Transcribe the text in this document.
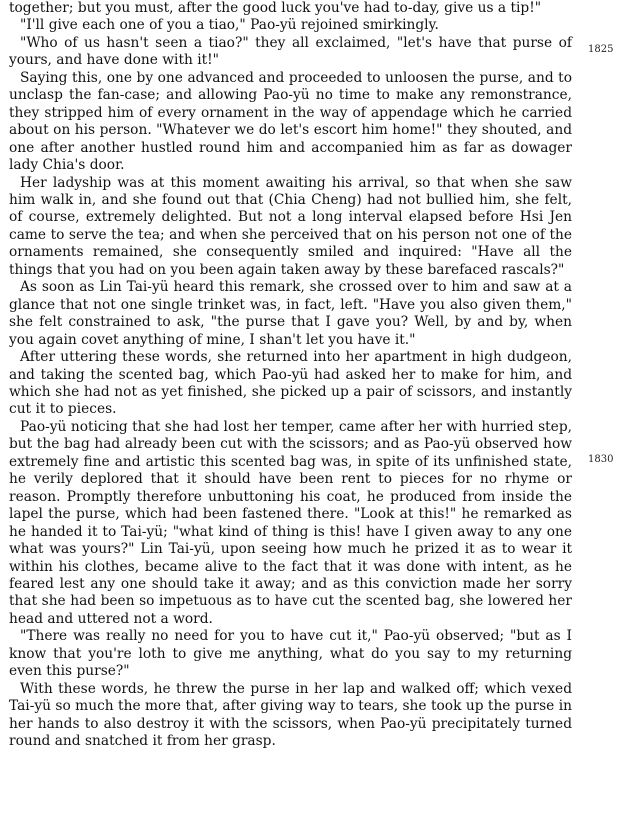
together; but you must, after the good luck you've had to-day, give us a tip!"

"I'll give each one of you a tiao," Pao-yü rejoined smirkingly.

"Who of us hasn't seen a tiao?" they all exclaimed, "let's have that purse of yours, and have done with it!"

Saying this, one by one advanced and proceeded to unloosen the purse, and to unclasp the fan-case; and allowing Pao-yü no time to make any remonstrance, they stripped him of every ornament in the way of appendage which he carried about on his person. "Whatever we do let's escort him home!" they shouted, and one after another hustled round him and accompanied him as far as dowager lady Chia's door.

Her ladyship was at this moment awaiting his arrival, so that when she saw him walk in, and she found out that (Chia Cheng) had not bullied him, she felt, of course, extremely delighted. But not a long interval elapsed before Hsi Jen came to serve the tea; and when she perceived that on his person not one of the ornaments remained, she consequently smiled and inquired: "Have all the things that you had on you been again taken away by these barefaced rascals?"

As soon as Lin Tai-yü heard this remark, she crossed over to him and saw at a glance that not one single trinket was, in fact, left. "Have you also given them," she felt constrained to ask, "the purse that I gave you? Well, by and by, when you again covet anything of mine, I shan't let you have it."

After uttering these words, she returned into her apartment in high dudgeon, and taking the scented bag, which Pao-yü had asked her to make for him, and which she had not as yet finished, she picked up a pair of scissors, and instantly cut it to pieces.

Pao-yü noticing that she had lost her temper, came after her with hurried step, but the bag had already been cut with the scissors; and as Pao-yü observed how extremely fine and artistic this scented bag was, in spite of its unfinished state, he verily deplored that it should have been rent to pieces for no rhyme or reason. Promptly therefore unbuttoning his coat, he produced from inside the lapel the purse, which had been fastened there. "Look at this!" he remarked as he handed it to Tai-yü; "what kind of thing is this! have I given away to any one what was yours?" Lin Tai-yü, upon seeing how much he prized it as to wear it within his clothes, became alive to the fact that it was done with intent, as he feared lest any one should take it away; and as this conviction made her sorry that she had been so impetuous as to have cut the scented bag, she lowered her head and uttered not a word.

"There was really no need for you to have cut it," Pao-yü observed; "but as I know that you're loth to give me anything, what do you say to my returning even this purse?"

With these words, he threw the purse in her lap and walked off; which vexed Tai-yü so much the more that, after giving way to tears, she took up the purse in her hands to also destroy it with the scissors, when Pao-yü precipitately turned round and snatched it from her grasp.

1825
1830
